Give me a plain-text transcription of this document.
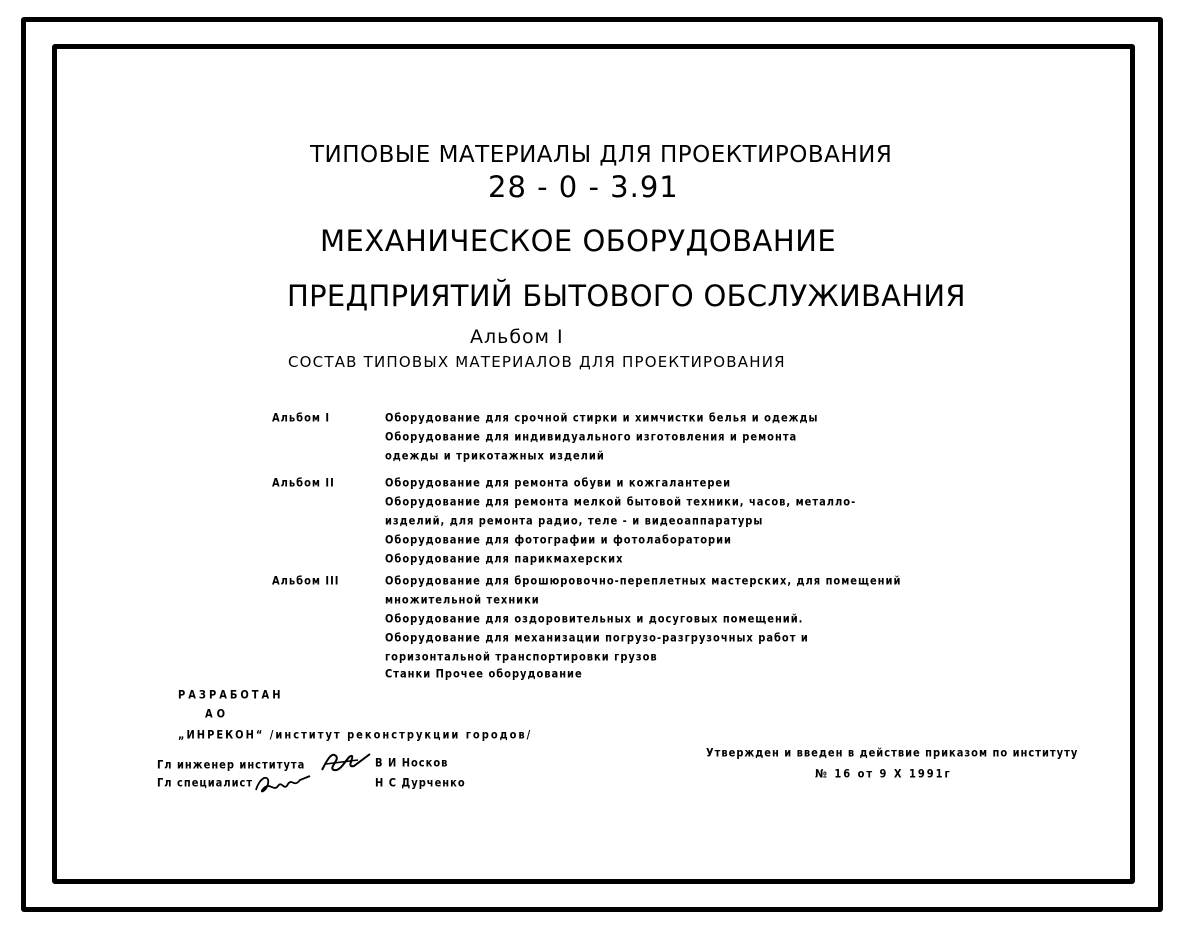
ТИПОВЫЕ МАТЕРИАЛЫ ДЛЯ ПРОЕКТИРОВАНИЯ
28 - 0 - 3.91
МЕХАНИЧЕСКОЕ ОБОРУДОВАНИЕ
ПРЕДПРИЯТИЙ БЫТОВОГО ОБСЛУЖИВАНИЯ
Альбом I
СОСТАВ ТИПОВЫХ МАТЕРИАЛОВ ДЛЯ ПРОЕКТИРОВАНИЯ
Альбом I	Оборудование для срочной стирки и химчистки белья и одежды
Оборудование для индивидуального изготовления и ремонта
одежды и трикотажных изделий
Альбом II	Оборудование для ремонта обуви и кожгалантереи
Оборудование для ремонта мелкой бытовой техники, часов, металло-
изделий, для ремонта радио, теле - и видеоаппаратуры
Оборудование для фотографии и фотолаборатории
Оборудование для парикмахерских
Альбом III	Оборудование для брошюровочно-переплетных мастерских, для помещений
множительной техники
Оборудование для оздоровительных и досуговых помещений.
Оборудование для механизации погрузо-разгрузочных работ и
горизонтальной транспортировки грузов
Станки Прочее оборудование
РАЗРАБОТАН
АО
„ИНРЕКОН“ /институт реконструкции городов/
Гл инженер института	В И Носков
Гл специалист	Н С Дурченко
Утвержден и введен в действие приказом по институту
№ 16 от 9 X 1991г
